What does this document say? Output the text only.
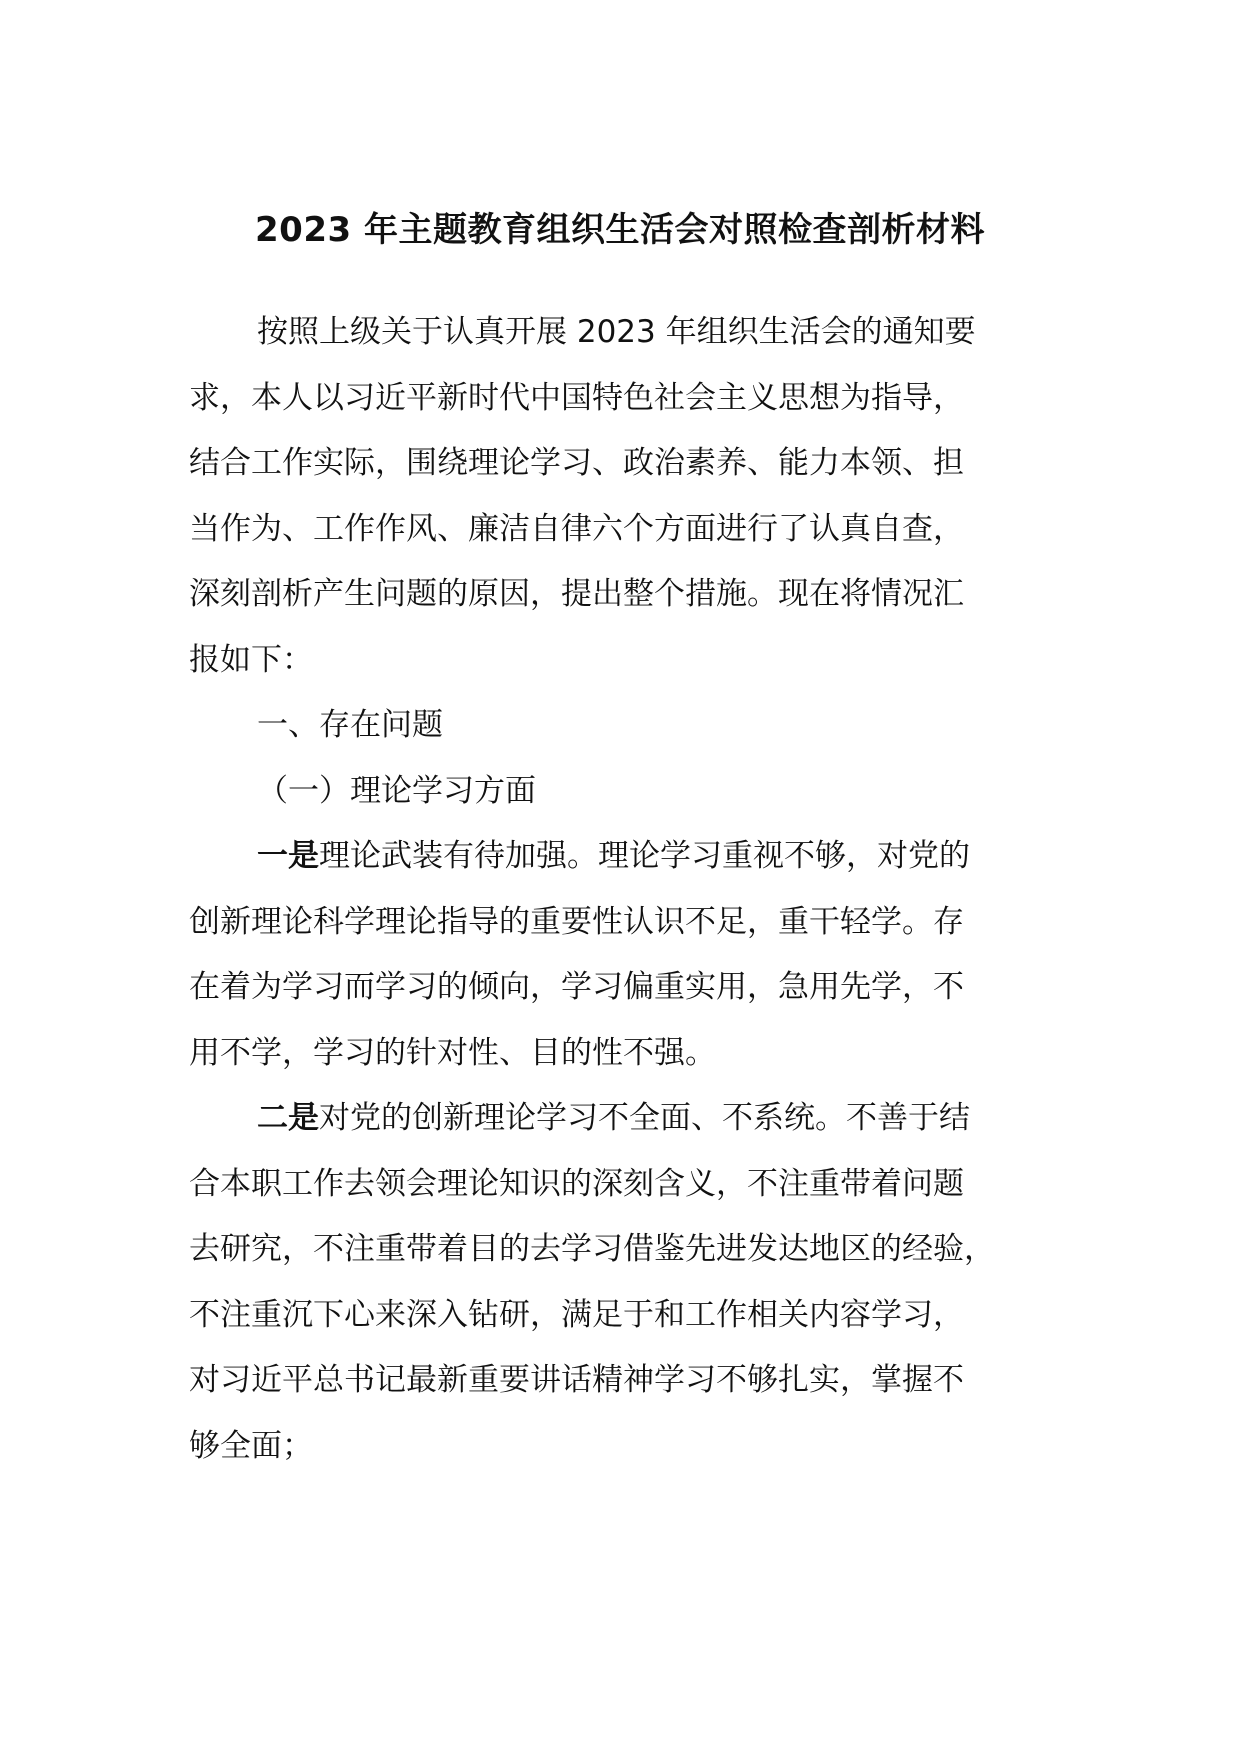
2023 年主题教育组织生活会对照检查剖析材料
按照上级关于认真开展 2023 年组织生活会的通知要
求，本人以习近平新时代中国特色社会主义思想为指导，
结合工作实际，围绕理论学习、政治素养、能力本领、担
当作为、工作作风、廉洁自律六个方面进行了认真自查，
深刻剖析产生问题的原因，提出整个措施。现在将情况汇
报如下：
一、存在问题
（一）理论学习方面
一是理论武装有待加强。理论学习重视不够，对党的
创新理论科学理论指导的重要性认识不足，重干轻学。存
在着为学习而学习的倾向，学习偏重实用，急用先学，不
用不学，学习的针对性、目的性不强。
二是对党的创新理论学习不全面、不系统。不善于结
合本职工作去领会理论知识的深刻含义，不注重带着问题
去研究，不注重带着目的去学习借鉴先进发达地区的经验，
不注重沉下心来深入钻研，满足于和工作相关内容学习，
对习近平总书记最新重要讲话精神学习不够扎实，掌握不
够全面；
